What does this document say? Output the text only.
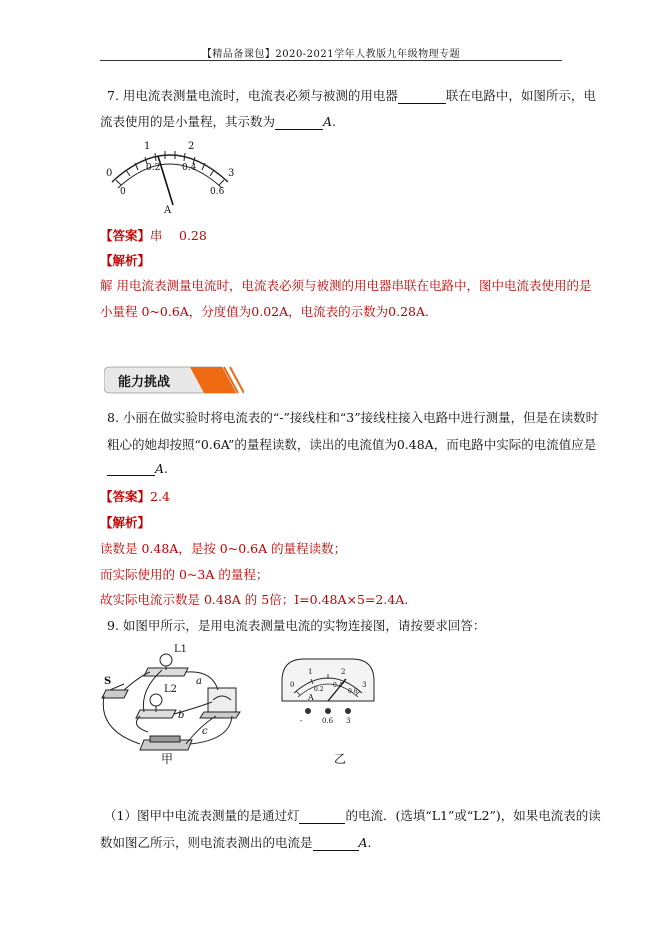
【精品备课包】2020-2021学年人教版九年级物理专题
7. 用电流表测量电流时，电流表必须与被测的用电器	联在电路中，如图所示，电
流表使用的是小量程，其示数为	A.
0
1	2
3
0
0.2 0.4
0.6
A
【答案】串　 0.28
【解析】
解 用电流表测量电流时，电流表必须与被测的用电器串联在电路中，图中电流表使用的是
小量程 0~0.6A，分度值为0.02A，电流表的示数为0.28A.
能力挑战
8. 小丽在做实验时将电流表的“-”接线柱和“3”接线柱接入电路中进行测量，但是在读数时
粗心的她却按照“0.6A”的量程读数，读出的电流值为0.48A，而电路中实际的电流值应是
A.
【答案】2.4
【解析】
读数是 0.48A，是按 0~0.6A 的量程读数；
而实际使用的 0~3A 的量程；
故实际电流示数是 0.48A 的 5倍；I=0.48A×5=2.4A.
9. 如图甲所示，是用电流表测量电流的实物连接图，请按要求回答：
L1
L2
S	a
b
c
甲
0
1	2
3
0.2
0.4
0.6
A
-	0.6 3
乙
（1）图甲中电流表测量的是通过灯	的电流．(选填“L1”或“L2”)，如果电流表的读
数如图乙所示，则电流表测出的电流是	A.
